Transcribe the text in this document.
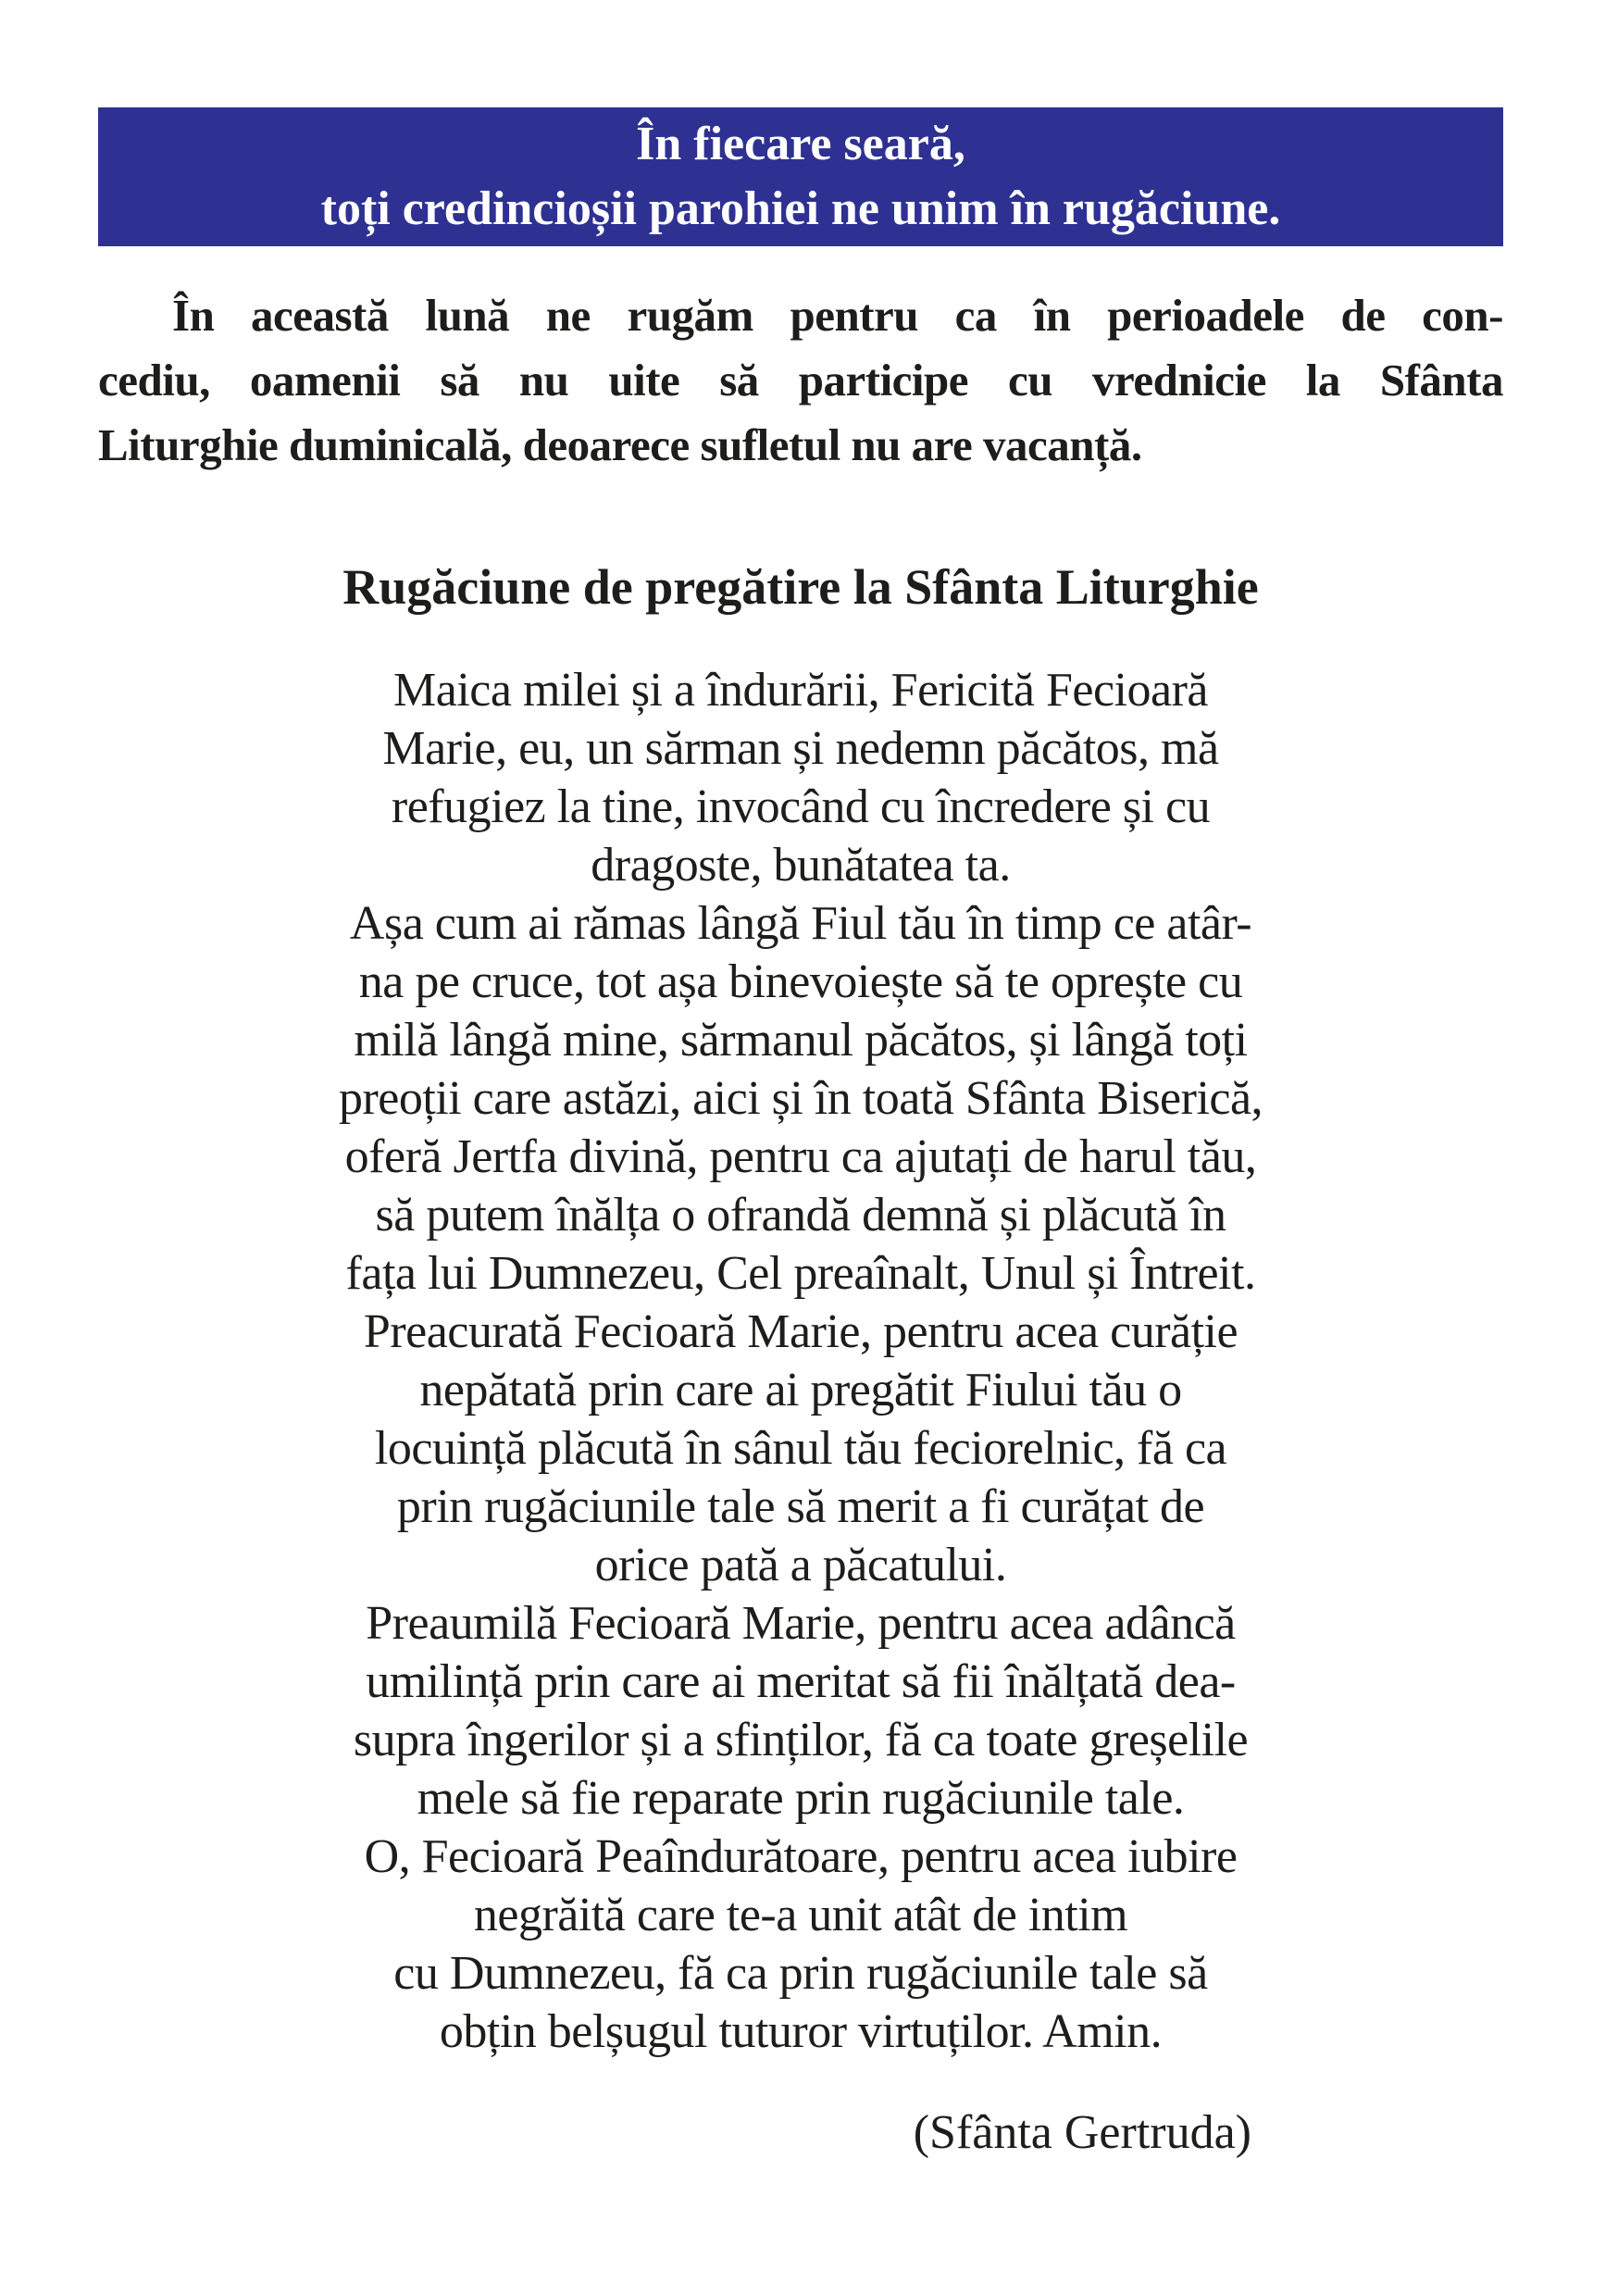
În fiecare seară,
toți credincioșii parohiei ne unim în rugăciune.
În această lună ne rugăm pentru ca în perioadele de con-
cediu, oamenii să nu uite să participe cu vrednicie la Sfânta
Liturghie duminicală, deoarece sufletul nu are vacanță.
Rugăciune de pregătire la Sfânta Liturghie
Maica milei și a îndurării, Fericită Fecioară
Marie, eu, un sărman și nedemn păcătos, mă
refugiez la tine, invocând cu încredere și cu
dragoste, bunătatea ta.
Așa cum ai rămas lângă Fiul tău în timp ce atâr-
na pe cruce, tot așa binevoiește să te oprește cu
milă lângă mine, sărmanul păcătos, și lângă toți
preoții care astăzi, aici și în toată Sfânta Biserică,
oferă Jertfa divină, pentru ca ajutați de harul tău,
să putem înălța o ofrandă demnă și plăcută în
fața lui Dumnezeu, Cel preaînalt, Unul și Întreit.
Preacurată Fecioară Marie, pentru acea curăție
nepătată prin care ai pregătit Fiului tău o
locuință plăcută în sânul tău feciorelnic, fă ca
prin rugăciunile tale să merit a fi curățat de
orice pată a păcatului.
Preaumilă Fecioară Marie, pentru acea adâncă
umilință prin care ai meritat să fii înălțată dea-
supra îngerilor și a sfinților, fă ca toate greșelile
mele să fie reparate prin rugăciunile tale.
O, Fecioară Peaîndurătoare, pentru acea iubire
negrăită care te-a unit atât de intim
cu Dumnezeu, fă ca prin rugăciunile tale să
obțin belșugul tuturor virtuților. Amin.
(Sfânta Gertruda)
